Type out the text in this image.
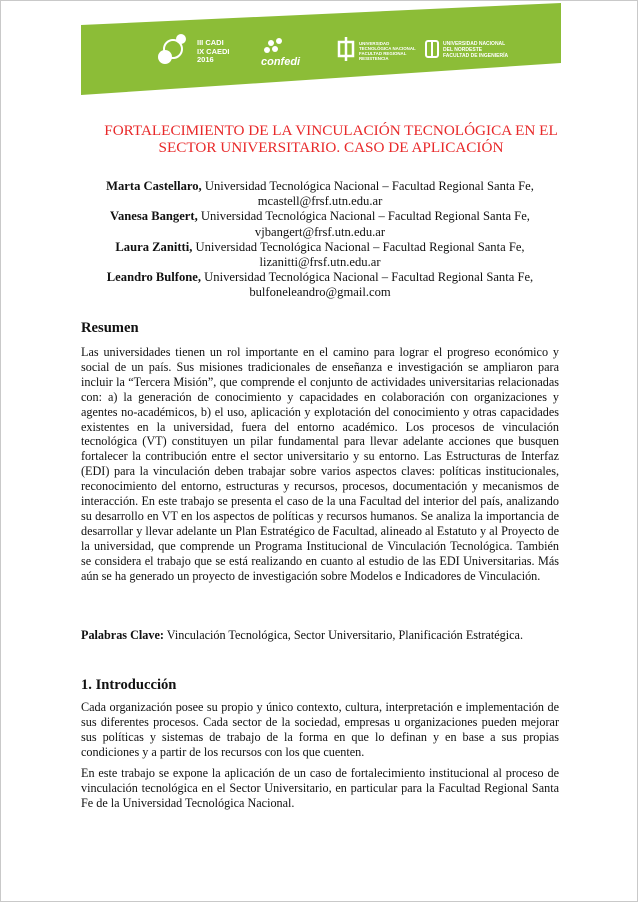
III CADI
IX CAEDI
2016	confedi
UNIVERSIDAD
TECNOLÓGICA NACIONAL
FACULTAD REGIONAL
RESISTENCIA
UNIVERSIDAD NACIONAL
DEL NORDESTE
FACULTAD DE INGENIERÍA
FORTALECIMIENTO DE LA VINCULACIÓN TECNOLÓGICA EN EL SECTOR UNIVERSITARIO. CASO DE APLICACIÓN
Marta Castellaro, Universidad Tecnológica Nacional – Facultad Regional Santa Fe,
mcastell@frsf.utn.edu.ar
Vanesa Bangert, Universidad Tecnológica Nacional – Facultad Regional Santa Fe,
vjbangert@frsf.utn.edu.ar
Laura Zanitti, Universidad Tecnológica Nacional – Facultad Regional Santa Fe,
lizanitti@frsf.utn.edu.ar
Leandro Bulfone, Universidad Tecnológica Nacional – Facultad Regional Santa Fe,
bulfoneleandro@gmail.com
Resumen

Las universidades tienen un rol importante en el camino para lograr el progreso económico y social de un país. Sus misiones tradicionales de enseñanza e investigación se ampliaron para incluir la “Tercera Misión”, que comprende el conjunto de actividades universitarias relacionadas con: a) la generación de conocimiento y capacidades en colaboración con organizaciones y agentes no-académicos, b) el uso, aplicación y explotación del conocimiento y otras capacidades existentes en la universidad, fuera del entorno académico. Los procesos de vinculación tecnológica (VT) constituyen un pilar fundamental para llevar adelante acciones que busquen fortalecer la contribución entre el sector universitario y su entorno. Las Estructuras de Interfaz (EDI) para la vinculación deben trabajar sobre varios aspectos claves: políticas institucionales, reconocimiento del entorno, estructuras y recursos, procesos, documentación y mecanismos de interacción. En este trabajo se presenta el caso de la una Facultad del interior del país, analizando su desarrollo en VT en los aspectos de políticas y recursos humanos. Se analiza la importancia de desarrollar y llevar adelante un Plan Estratégico de Facultad, alineado al Estatuto y al Proyecto de la universidad, que comprende un Programa Institucional de Vinculación Tecnológica. También se considera el trabajo que se está realizando en cuanto al estudio de las EDI Universitarias. Más aún se ha generado un proyecto de investigación sobre Modelos e Indicadores de Vinculación.

Palabras Clave: Vinculación Tecnológica, Sector Universitario, Planificación Estratégica.

1. Introducción

Cada organización posee su propio y único contexto, cultura, interpretación e implementación de sus diferentes procesos. Cada sector de la sociedad, empresas u organizaciones pueden mejorar sus políticas y sistemas de trabajo de la forma en que lo definan y en base a sus propias condiciones y a partir de los recursos con los que cuenten.

En este trabajo se expone la aplicación de un caso de fortalecimiento institucional al proceso de vinculación tecnológica en el Sector Universitario, en particular para la Facultad Regional Santa Fe de la Universidad Tecnológica Nacional.
